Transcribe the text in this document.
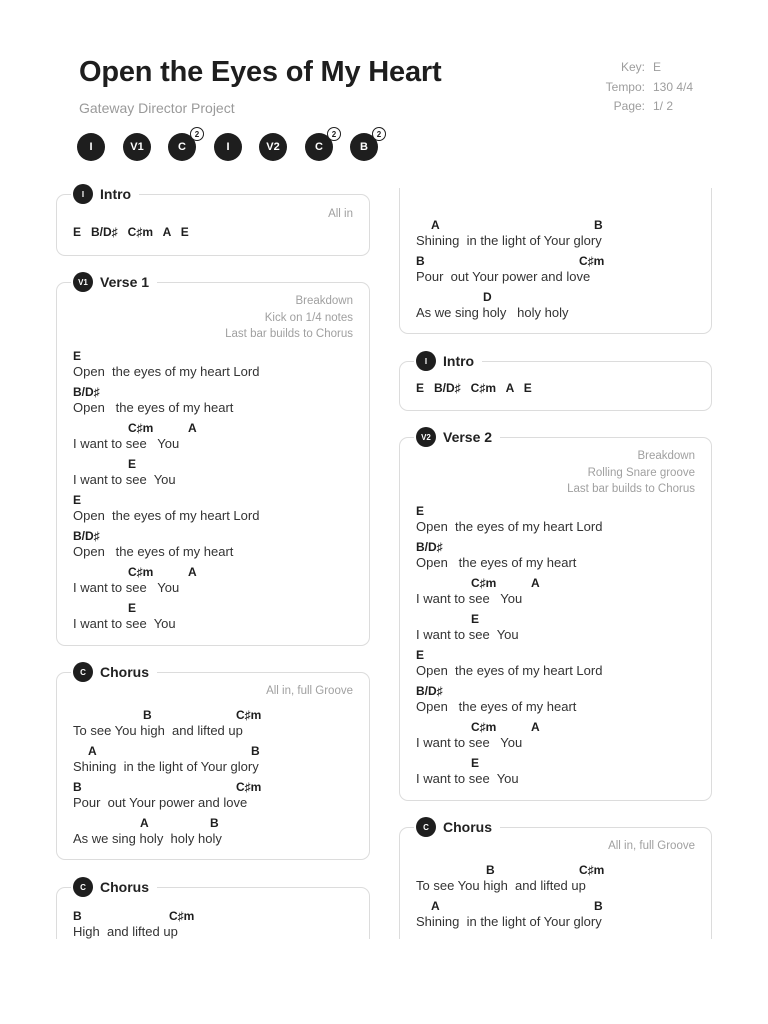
Open the Eyes of My Heart
Gateway Director Project
Key: E
Tempo: 130 4/4
Page: 1/ 2
I	V1	C
2
I	V2	C
2
B
2
I	Intro
All in
E   B/D♯   C♯m   A   E
V1 Verse 1
Breakdown
Kick on 1/4 notes
Last bar builds to Chorus
E
Open  the eyes of my heart Lord
B/D♯
Open   the eyes of my heart
C♯m	A
I want to see   You
E
I want to see  You
E
Open  the eyes of my heart Lord
B/D♯
Open   the eyes of my heart
C♯m	A
I want to see   You
E
I want to see  You
C	Chorus
All in, full Groove
B	C♯m
To see You high  and lifted up
A	B
Shining  in the light of Your glory
B	C♯m
Pour  out Your power and love
A	B
As we sing holy  holy holy
C	Chorus
B	C♯m
High  and lifted up
A	B
Shining  in the light of Your glory
B	C♯m
Pour  out Your power and love
D
As we sing holy   holy holy
I	Intro
E   B/D♯   C♯m   A   E
V2 Verse 2
Breakdown
Rolling Snare groove
Last bar builds to Chorus
E
Open  the eyes of my heart Lord
B/D♯
Open   the eyes of my heart
C♯m	A
I want to see   You
E
I want to see  You
E
Open  the eyes of my heart Lord
B/D♯
Open   the eyes of my heart
C♯m	A
I want to see   You
E
I want to see  You
C	Chorus
All in, full Groove
B	C♯m
To see You high  and lifted up
A	B
Shining  in the light of Your glory
